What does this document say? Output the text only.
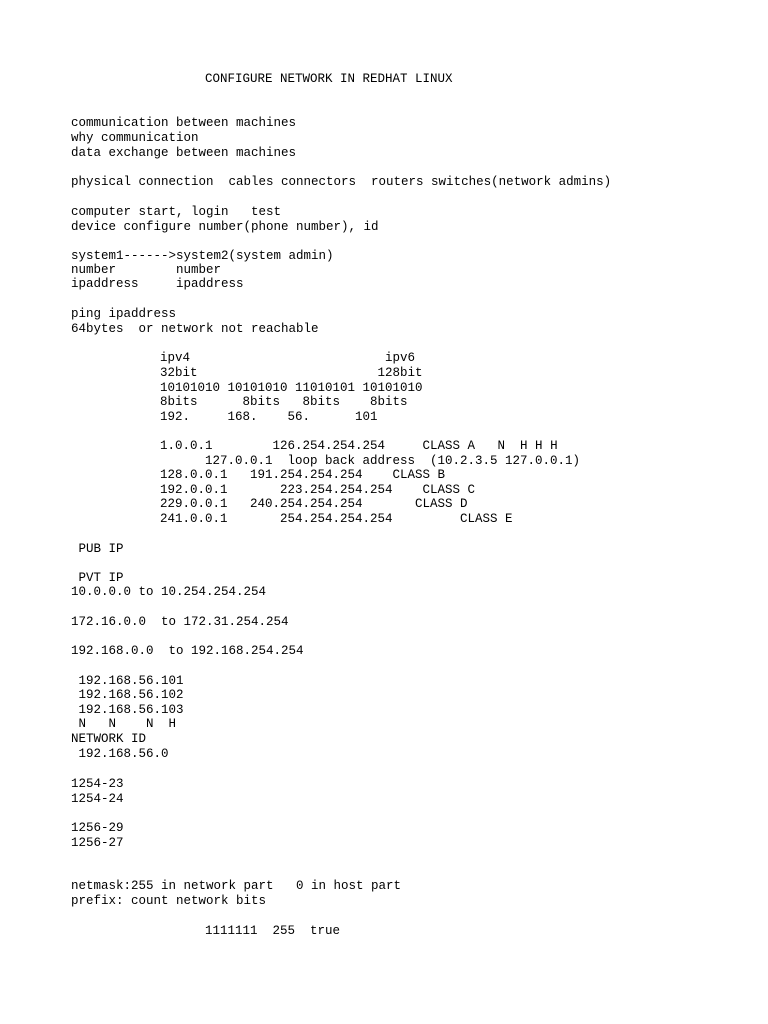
CONFIGURE NETWORK IN REDHAT LINUX
communication between machines
why communication
data exchange between machines
physical connection  cables connectors  routers switches(network admins)
computer start, login   test
device configure number(phone number), id
system1------>system2(system admin)
number        number
ipaddress     ipaddress
ping ipaddress
64bytes  or network not reachable
ipv4                          ipv6
32bit                        128bit
10101010 10101010 11010101 10101010
8bits      8bits   8bits    8bits
192.     168.    56.      101
1.0.0.1        126.254.254.254     CLASS A   N  H H H
127.0.0.1  loop back address  (10.2.3.5 127.0.0.1)
128.0.0.1   191.254.254.254    CLASS B
192.0.0.1       223.254.254.254    CLASS C
229.0.0.1   240.254.254.254       CLASS D
241.0.0.1       254.254.254.254         CLASS E
PUB IP
PVT IP
10.0.0.0 to 10.254.254.254
172.16.0.0  to 172.31.254.254
192.168.0.0  to 192.168.254.254
192.168.56.101
192.168.56.102
192.168.56.103
N   N    N  H
NETWORK ID
192.168.56.0
1254-23
1254-24
1256-29
1256-27
netmask:255 in network part   0 in host part
prefix: count network bits
1111111  255  true
